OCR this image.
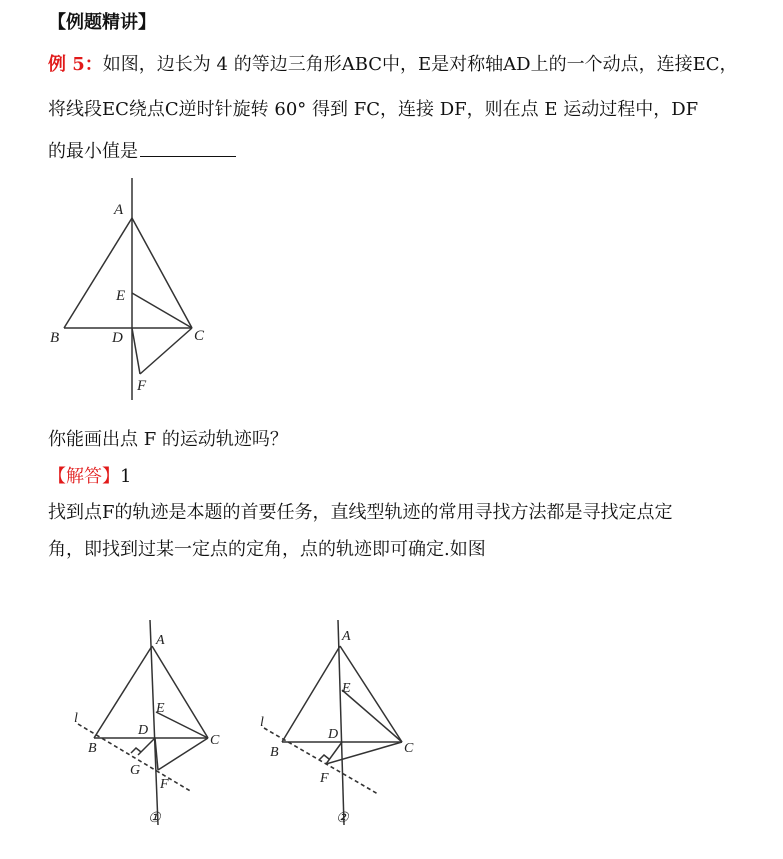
【例题精讲】
例 5：如图，边长为 4 的等边三角形ABC中，E是对称轴AD上的一个动点，连接EC，
将线段EC绕点C逆时针旋转 60° 得到 FC，连接 DF，则在点 E 运动过程中，DF
的最小值是
A
B	C
D
E
F
你能画出点 F 的运动轨迹吗？
【解答】1
找到点F的轨迹是本题的首要任务，直线型轨迹的常用寻找方法都是寻找定点定
角，即找到过某一定点的定角，点的轨迹即可确定.如图
A
B
C
D
E
F
G
l
①
A
B	C
D
E
F
l
②
